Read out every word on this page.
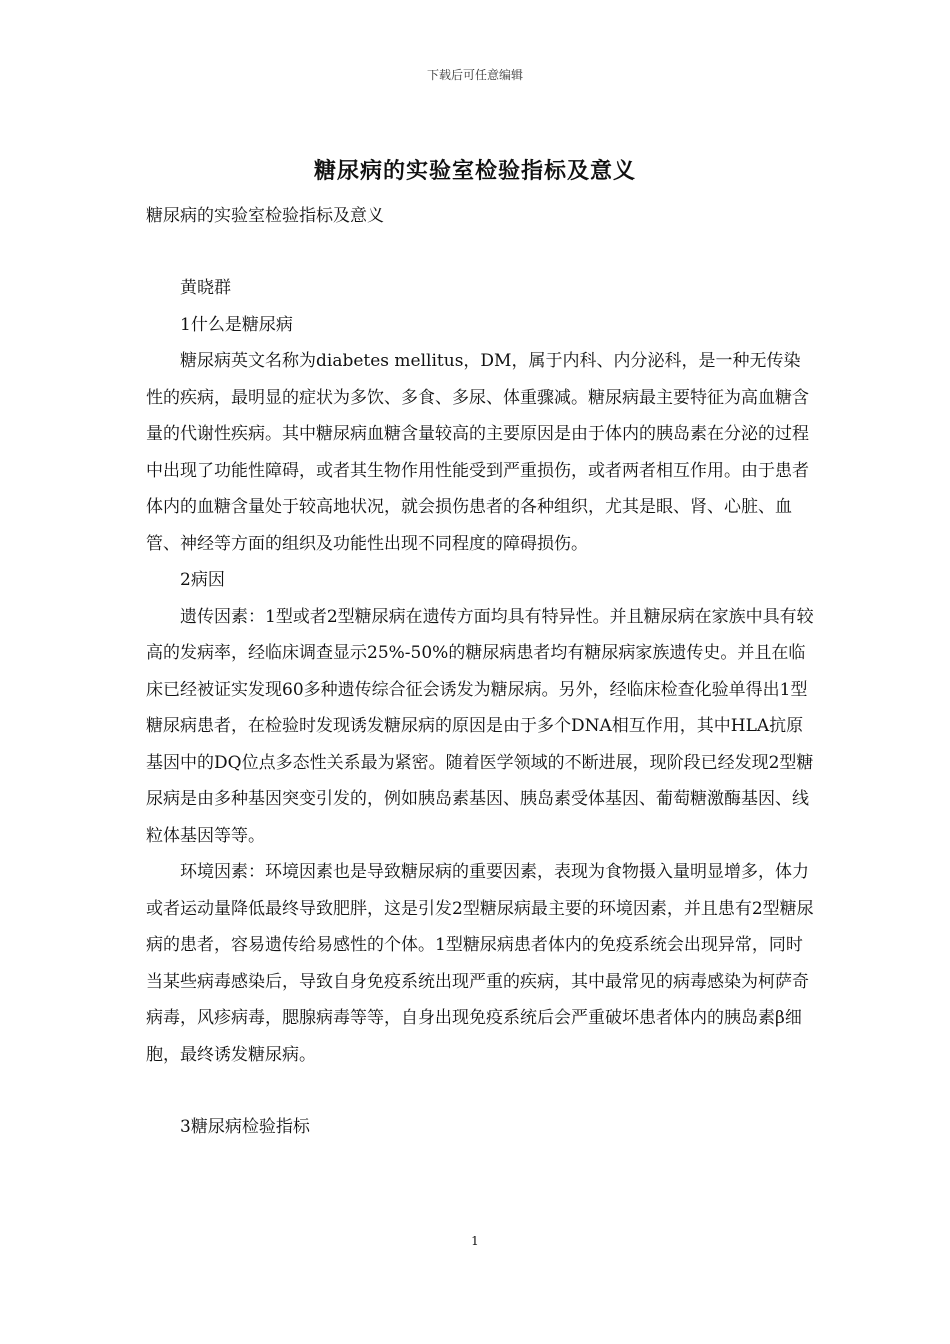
下载后可任意编辑
糖尿病的实验室检验指标及意义
糖尿病的实验室检验指标及意义

黄晓群

1什么是糖尿病

糖尿病英文名称为diabetes mellitus，DM，属于内科、内分泌科，是一种无传染性的疾病，最明显的症状为多饮、多食、多尿、体重骤减。糖尿病最主要特征为高血糖含量的代谢性疾病。其中糖尿病血糖含量较高的主要原因是由于体内的胰岛素在分泌的过程中出现了功能性障碍，或者其生物作用性能受到严重损伤，或者两者相互作用。由于患者体内的血糖含量处于较高地状况，就会损伤患者的各种组织，尤其是眼、肾、心脏、血管、神经等方面的组织及功能性出现不同程度的障碍损伤。

2病因

遗传因素：1型或者2型糖尿病在遗传方面均具有特异性。并且糖尿病在家族中具有较高的发病率，经临床调查显示25%-50%的糖尿病患者均有糖尿病家族遗传史。并且在临床已经被证实发现60多种遗传综合征会诱发为糖尿病。另外，经临床检查化验单得出1型糖尿病患者，在检验时发现诱发糖尿病的原因是由于多个DNA相互作用，其中HLA抗原基因中的DQ位点多态性关系最为紧密。随着医学领域的不断进展，现阶段已经发现2型糖尿病是由多种基因突变引发的，例如胰岛素基因、胰岛素受体基因、葡萄糖激酶基因、线粒体基因等等。

环境因素：环境因素也是导致糖尿病的重要因素，表现为食物摄入量明显增多，体力或者运动量降低最终导致肥胖，这是引发2型糖尿病最主要的环境因素，并且患有2型糖尿病的患者，容易遗传给易感性的个体。1型糖尿病患者体内的免疫系统会出现异常，同时当某些病毒感染后，导致自身免疫系统出现严重的疾病，其中最常见的病毒感染为柯萨奇病毒，风疹病毒，腮腺病毒等等，自身出现免疫系统后会严重破坏患者体内的胰岛素β细胞，最终诱发糖尿病。

3糖尿病检验指标

1
